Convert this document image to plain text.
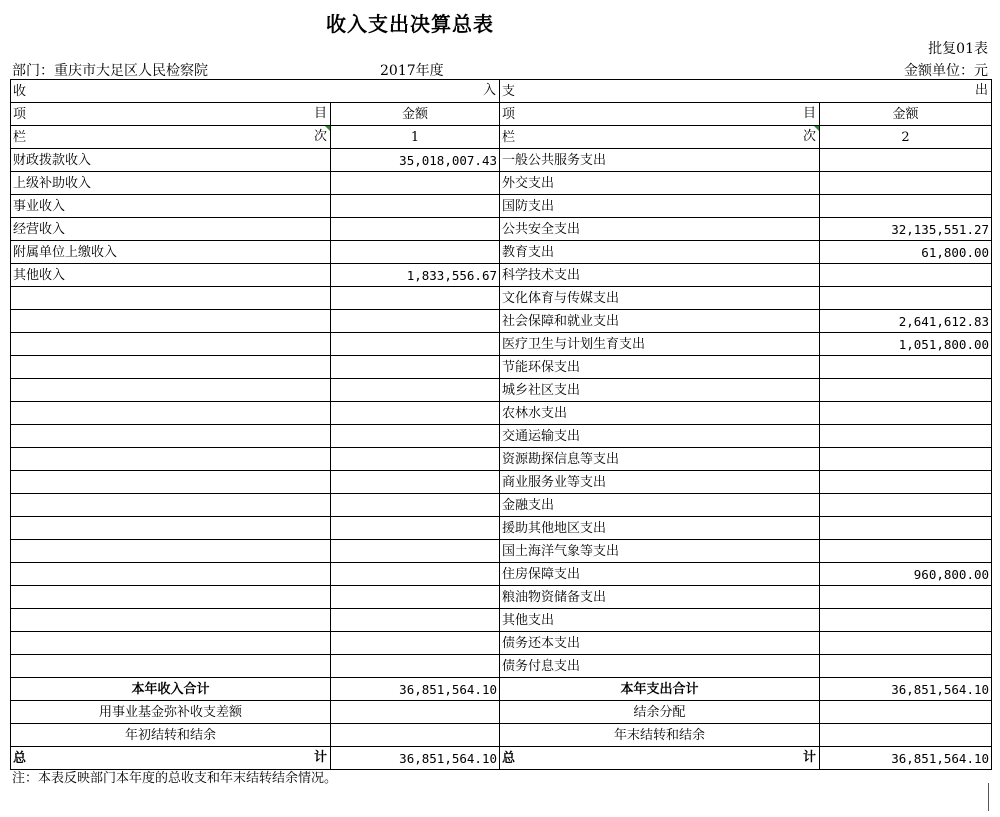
收入支出决算总表
批复01表
部门：重庆市大足区人民检察院	2017年度	金额单位：元
收 入		支 出	

项 目	金额	项 目	金额
栏 次	1	栏 次	2
财政拨款收入	35,018,007.43	一般公共服务支出	
上级补助收入		外交支出	
事业收入		国防支出	
经营收入		公共安全支出	32,135,551.27
附属单位上缴收入		教育支出	61,800.00
其他收入	1,833,556.67	科学技术支出	
		文化体育与传媒支出	
		社会保障和就业支出	2,641,612.83
		医疗卫生与计划生育支出	1,051,800.00
		节能环保支出	
		城乡社区支出	
		农林水支出	
		交通运输支出	
		资源勘探信息等支出	
		商业服务业等支出	
		金融支出	
		援助其他地区支出	
		国土海洋气象等支出	
		住房保障支出	960,800.00
		粮油物资储备支出	
		其他支出	
		债务还本支出	
		债务付息支出	
本年收入合计	36,851,564.10	本年支出合计	36,851,564.10
用事业基金弥补收支差额		结余分配	
年初结转和结余		年末结转和结余	
总 计	36,851,564.10	总 计	36,851,564.10
注：本表反映部门本年度的总收支和年末结转结余情况。
